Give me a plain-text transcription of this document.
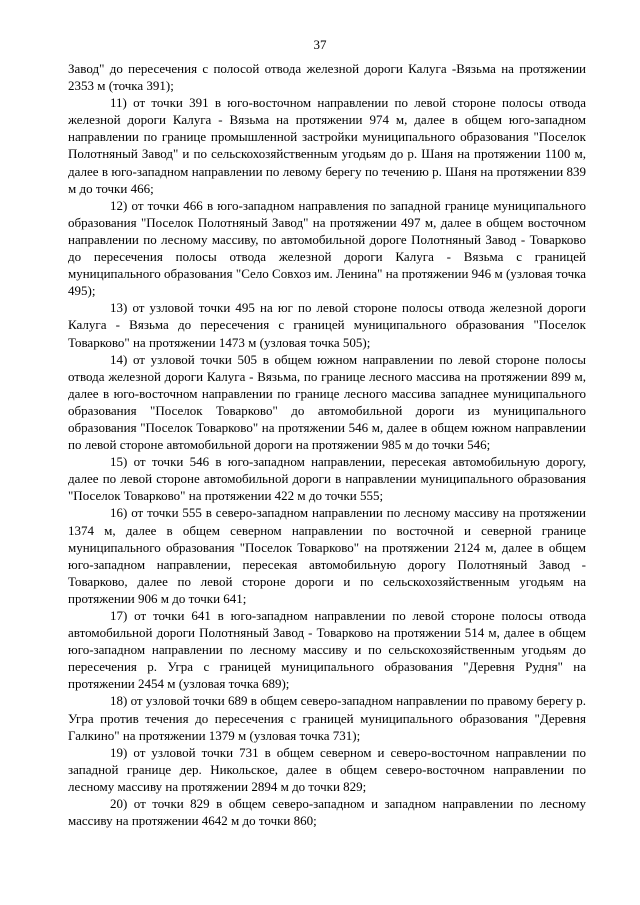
37

Завод" до пересечения с полосой отвода железной дороги Калуга -Вязьма на протяжении 2353 м (точка 391);

11) от точки 391 в юго-восточном направлении по левой стороне полосы отвода железной дороги Калуга - Вязьма на протяжении 974 м, далее в общем юго-западном направлении по границе промышленной застройки муниципального образования "Поселок Полотняный Завод" и по сельскохозяйственным угодьям до р. Шаня на протяжении 1100 м, далее в юго-западном направлении по левому берегу по течению р. Шаня на протяжении 839 м до точки 466;

12) от точки 466 в юго-западном направления по западной границе муниципального образования "Поселок Полотняный Завод" на протяжении 497 м, далее в общем восточном направлении по лесному массиву, по автомобильной дороге Полотняный Завод - Товарково до пересечения полосы отвода железной дороги Калуга - Вязьма с границей муниципального образования "Село Совхоз им. Ленина" на протяжении 946 м (узловая точка 495);

13) от узловой точки 495 на юг по левой стороне полосы отвода железной дороги Калуга - Вязьма до пересечения с границей муниципального образования "Поселок Товарково" на протяжении 1473 м (узловая точка 505);

14) от узловой точки 505 в общем южном направлении по левой стороне полосы отвода железной дороги Калуга - Вязьма, по границе лесного массива на протяжении 899 м, далее в юго-восточном направлении по границе лесного массива западнее муниципального образования "Поселок Товарково" до автомобильной дороги из муниципального образования "Поселок Товарково" на протяжении 546 м, далее в общем южном направлении по левой стороне автомобильной дороги на протяжении 985 м до точки 546;

15) от точки 546 в юго-западном направлении, пересекая автомобильную дорогу, далее по левой стороне автомобильной дороги в направлении муниципального образования "Поселок Товарково" на протяжении 422 м до точки 555;

16) от точки 555 в северо-западном направлении по лесному массиву на протяжении 1374 м, далее в общем северном направлении по восточной и северной границе муниципального образования "Поселок Товарково" на протяжении 2124 м, далее в общем юго-западном направлении, пересекая автомобильную дорогу Полотняный Завод - Товарково, далее по левой стороне дороги и по сельскохозяйственным угодьям на протяжении 906 м до точки 641;

17) от точки 641 в юго-западном направлении по левой стороне полосы отвода автомобильной дороги Полотняный Завод - Товарково на протяжении 514 м, далее в общем юго-западном направлении по лесному массиву и по сельскохозяйственным угодьям до пересечения р. Угра с границей муниципального образования "Деревня Рудня" на протяжении 2454 м (узловая точка 689);

18) от узловой точки 689 в общем северо-западном направлении по правому берегу р. Угра против течения до пересечения с границей муниципального образования "Деревня Галкино" на протяжении 1379 м (узловая точка 731);

19) от узловой точки 731 в общем северном и северо-восточном направлении по западной границе дер. Никольское, далее в общем северо-восточном направлении по лесному массиву на протяжении 2894 м до точки 829;

20) от точки 829 в общем северо-западном и западном направлении по лесному массиву на протяжении 4642 м до точки 860;
